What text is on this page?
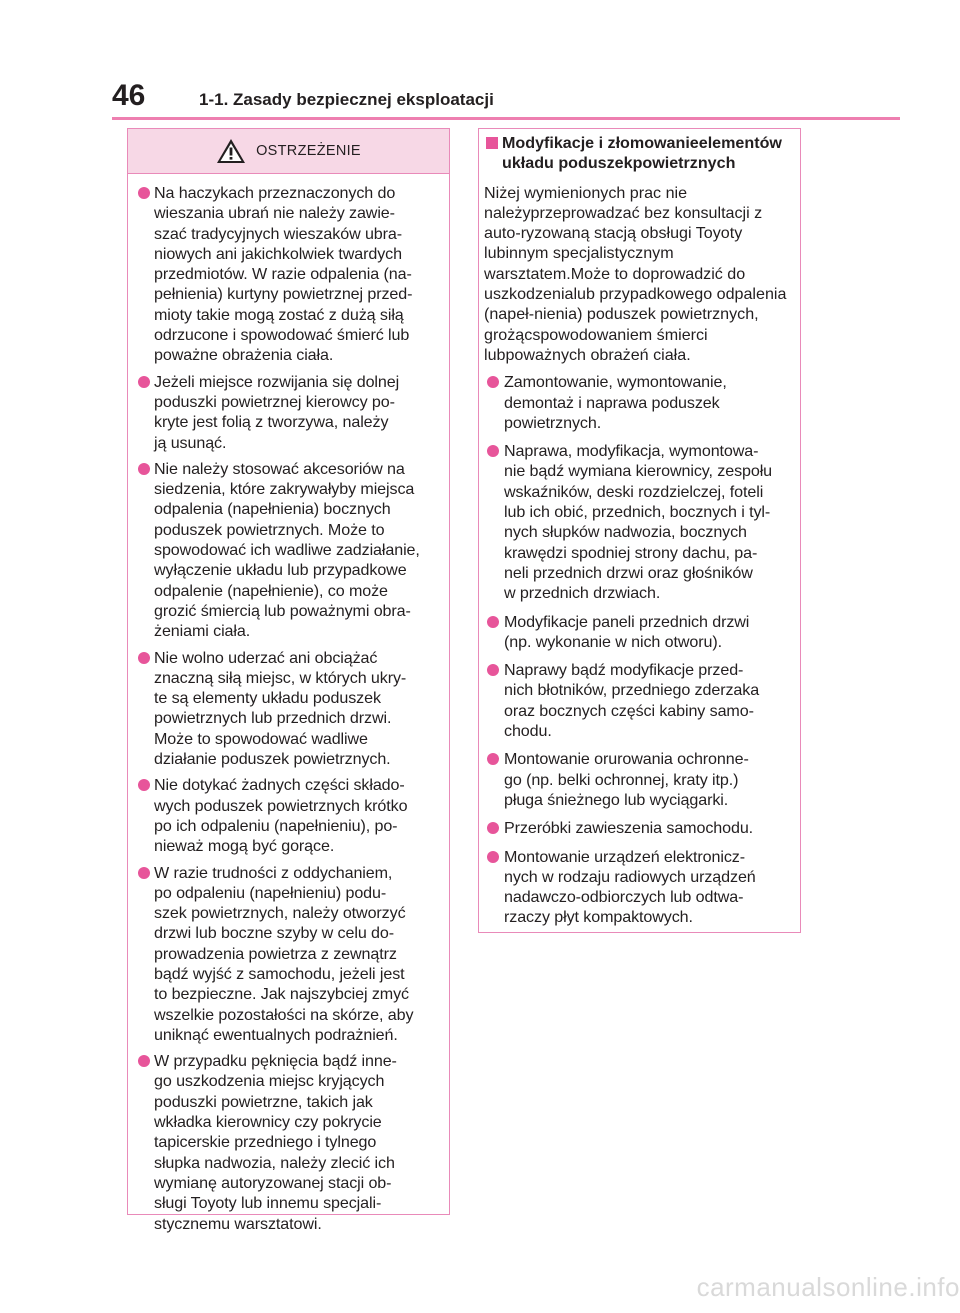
46	1-1. Zasady bezpiecznej eksploatacji
OSTRZEŻENIE
Na haczykach przeznaczonych do
wieszania ubrań nie należy zawie-
szać tradycyjnych wieszaków ubra-
niowych ani jakichkolwiek twardych
przedmiotów. W razie odpalenia (na-
pełnienia) kurtyny powietrznej przed-
mioty takie mogą zostać z dużą siłą
odrzucone i spowodować śmierć lub
poważne obrażenia ciała.
Jeżeli miejsce rozwijania się dolnej
poduszki powietrznej kierowcy po-
kryte jest folią z tworzywa, należy
ją usunąć.
Nie należy stosować akcesoriów na
siedzenia, które zakrywałyby miejsca
odpalenia (napełnienia) bocznych
poduszek powietrznych. Może to
spowodować ich wadliwe zadziałanie,
wyłączenie układu lub przypadkowe
odpalenie (napełnienie), co może
grozić śmiercią lub poważnymi obra-
żeniami ciała.
Nie wolno uderzać ani obciążać
znaczną siłą miejsc, w których ukry-
te są elementy układu poduszek
powietrznych lub przednich drzwi.
Może to spowodować wadliwe
działanie poduszek powietrznych.
Nie dotykać żadnych części składo-
wych poduszek powietrznych krótko
po ich odpaleniu (napełnieniu), po-
nieważ mogą być gorące.
W razie trudności z oddychaniem,
po odpaleniu (napełnieniu) podu-
szek powietrznych, należy otworzyć
drzwi lub boczne szyby w celu do-
prowadzenia powietrza z zewnątrz
bądź wyjść z samochodu, jeżeli jest
to bezpieczne. Jak najszybciej zmyć
wszelkie pozostałości na skórze, aby
uniknąć ewentualnych podrażnień.
W przypadku pęknięcia bądź inne-
go uszkodzenia miejsc kryjących
poduszki powietrzne, takich jak
wkładka kierownicy czy pokrycie
tapicerskie przedniego i tylnego
słupka nadwozia, należy zlecić ich
wymianę autoryzowanej stacji ob-
sługi Toyoty lub innemu specjali-
stycznemu warsztatowi.
Modyfikacje i złomowanieelementów układu poduszekpowietrznych
Niżej wymienionych prac nie należyprzeprowadzać bez konsultacji z auto-ryzowaną stacją obsługi Toyoty lubinnym specjalistycznym warsztatem.Może to doprowadzić do uszkodzenialub przypadkowego odpalenia (napeł-nienia) poduszek powietrznych, grożącspowodowaniem śmierci lubpoważnych obrażeń ciała.
Zamontowanie, wymontowanie,
demontaż i naprawa poduszek
powietrznych.
Naprawa, modyfikacja, wymontowa-
nie bądź wymiana kierownicy, zespołu
wskaźników, deski rozdzielczej, foteli
lub ich obić, przednich, bocznych i tyl-
nych słupków nadwozia, bocznych
krawędzi spodniej strony dachu, pa-
neli przednich drzwi oraz głośników
w przednich drzwiach.
Modyfikacje paneli przednich drzwi
(np. wykonanie w nich otworu).
Naprawy bądź modyfikacje przed-
nich błotników, przedniego zderzaka
oraz bocznych części kabiny samo-
chodu.
Montowanie orurowania ochronne-
go (np. belki ochronnej, kraty itp.)
pługa śnieżnego lub wyciągarki.
Przeróbki zawieszenia samochodu.
Montowanie urządzeń elektronicz-
nych w rodzaju radiowych urządzeń
nadawczo-odbiorczych lub odtwa-
rzaczy płyt kompaktowych.
carmanualsonline.info
